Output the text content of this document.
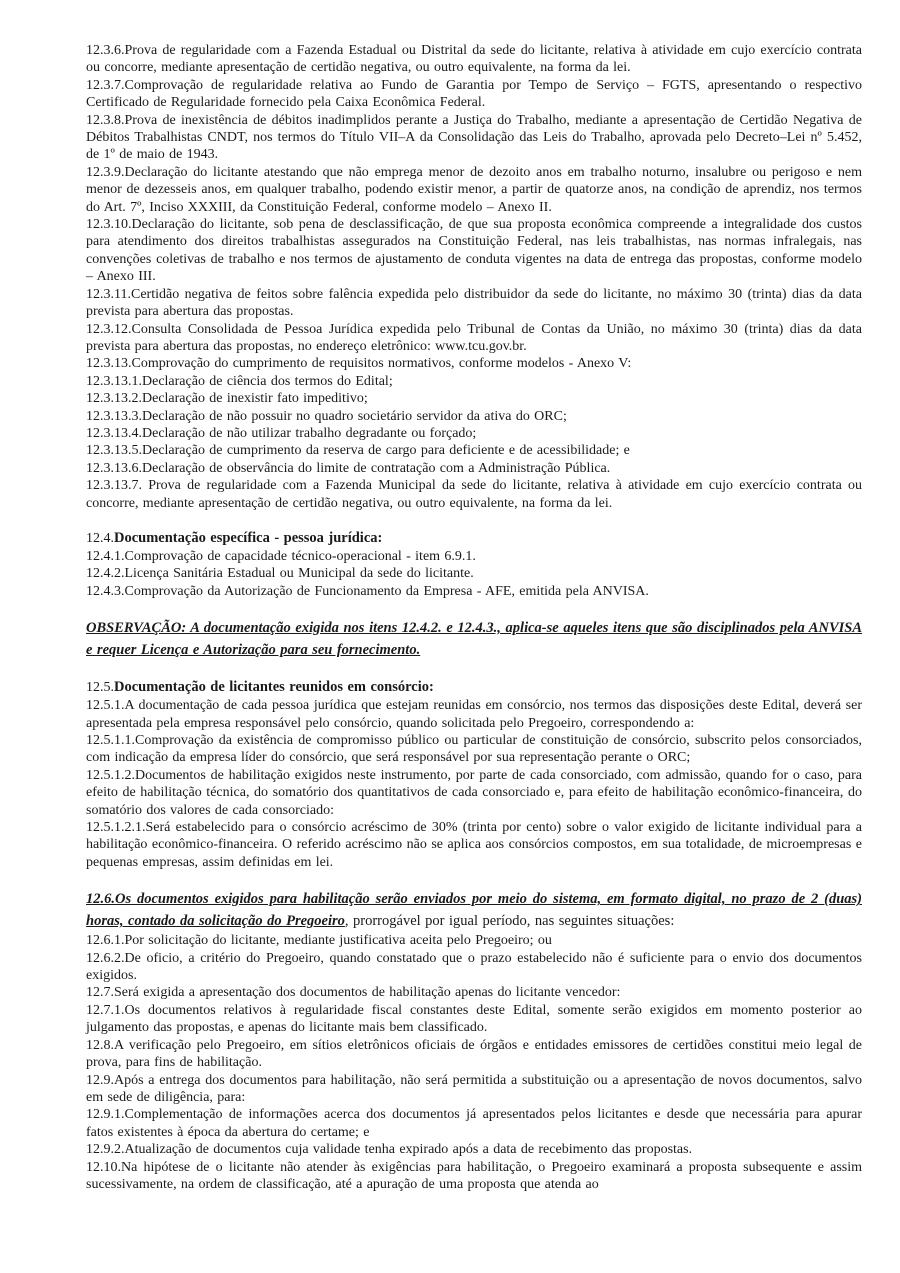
12.3.6.Prova de regularidade com a Fazenda Estadual ou Distrital da sede do licitante, relativa à atividade em cujo exercício contrata ou concorre, mediante apresentação de certidão negativa, ou outro equivalente, na forma da lei.

12.3.7.Comprovação de regularidade relativa ao Fundo de Garantia por Tempo de Serviço – FGTS, apresentando o respectivo Certificado de Regularidade fornecido pela Caixa Econômica Federal.

12.3.8.Prova de inexistência de débitos inadimplidos perante a Justiça do Trabalho, mediante a apresentação de Certidão Negativa de Débitos Trabalhistas CNDT, nos termos do Título VII–A da Consolidação das Leis do Trabalho, aprovada pelo Decreto–Lei nº 5.452, de 1º de maio de 1943.

12.3.9.Declaração do licitante atestando que não emprega menor de dezoito anos em trabalho noturno, insalubre ou perigoso e nem menor de dezesseis anos, em qualquer trabalho, podendo existir menor, a partir de quatorze anos, na condição de aprendiz, nos termos do Art. 7º, Inciso XXXIII, da Constituição Federal, conforme modelo – Anexo II.

12.3.10.Declaração do licitante, sob pena de desclassificação, de que sua proposta econômica compreende a integralidade dos custos para atendimento dos direitos trabalhistas assegurados na Constituição Federal, nas leis trabalhistas, nas normas infralegais, nas convenções coletivas de trabalho e nos termos de ajustamento de conduta vigentes na data de entrega das propostas, conforme modelo – Anexo III.

12.3.11.Certidão negativa de feitos sobre falência expedida pelo distribuidor da sede do licitante, no máximo 30 (trinta) dias da data prevista para abertura das propostas.

12.3.12.Consulta Consolidada de Pessoa Jurídica expedida pelo Tribunal de Contas da União, no máximo 30 (trinta) dias da data prevista para abertura das propostas, no endereço eletrônico: www.tcu.gov.br.

12.3.13.Comprovação do cumprimento de requisitos normativos, conforme modelos - Anexo V:

12.3.13.1.Declaração de ciência dos termos do Edital;

12.3.13.2.Declaração de inexistir fato impeditivo;

12.3.13.3.Declaração de não possuir no quadro societário servidor da ativa do ORC;

12.3.13.4.Declaração de não utilizar trabalho degradante ou forçado;

12.3.13.5.Declaração de cumprimento da reserva de cargo para deficiente e de acessibilidade; e

12.3.13.6.Declaração de observância do limite de contratação com a Administração Pública.

12.3.13.7. Prova de regularidade com a Fazenda Municipal da sede do licitante, relativa à atividade em cujo exercício contrata ou concorre, mediante apresentação de certidão negativa, ou outro equivalente, na forma da lei.

12.4.Documentação específica - pessoa jurídica:

12.4.1.Comprovação de capacidade técnico-operacional - item 6.9.1.

12.4.2.Licença Sanitária Estadual ou Municipal da sede do licitante.

12.4.3.Comprovação da Autorização de Funcionamento da Empresa - AFE, emitida pela ANVISA.

OBSERVAÇÃO: A documentação exigida nos itens 12.4.2. e 12.4.3., aplica-se aqueles itens que são disciplinados pela ANVISA e requer Licença e Autorização para seu fornecimento.

12.5.Documentação de licitantes reunidos em consórcio:

12.5.1.A documentação de cada pessoa jurídica que estejam reunidas em consórcio, nos termos das disposições deste Edital, deverá ser apresentada pela empresa responsável pelo consórcio, quando solicitada pelo Pregoeiro, correspondendo a:

12.5.1.1.Comprovação da existência de compromisso público ou particular de constituição de consórcio, subscrito pelos consorciados, com indicação da empresa líder do consórcio, que será responsável por sua representação perante o ORC;

12.5.1.2.Documentos de habilitação exigidos neste instrumento, por parte de cada consorciado, com admissão, quando for o caso, para efeito de habilitação técnica, do somatório dos quantitativos de cada consorciado e, para efeito de habilitação econômico-financeira, do somatório dos valores de cada consorciado:

12.5.1.2.1.Será estabelecido para o consórcio acréscimo de 30% (trinta por cento) sobre o valor exigido de licitante individual para a habilitação econômico-financeira. O referido acréscimo não se aplica aos consórcios compostos, em sua totalidade, de microempresas e pequenas empresas, assim definidas em lei.

12.6.Os documentos exigidos para habilitação serão enviados por meio do sistema, em formato digital, no prazo de 2 (duas) horas, contado da solicitação do Pregoeiro, prorrogável por igual período, nas seguintes situações:

12.6.1.Por solicitação do licitante, mediante justificativa aceita pelo Pregoeiro; ou

12.6.2.De oficio, a critério do Pregoeiro, quando constatado que o prazo estabelecido não é suficiente para o envio dos documentos exigidos.

12.7.Será exigida a apresentação dos documentos de habilitação apenas do licitante vencedor:

12.7.1.Os documentos relativos à regularidade fiscal constantes deste Edital, somente serão exigidos em momento posterior ao julgamento das propostas, e apenas do licitante mais bem classificado.

12.8.A verificação pelo Pregoeiro, em sítios eletrônicos oficiais de órgãos e entidades emissores de certidões constitui meio legal de prova, para fins de habilitação.

12.9.Após a entrega dos documentos para habilitação, não será permitida a substituição ou a apresentação de novos documentos, salvo em sede de diligência, para:

12.9.1.Complementação de informações acerca dos documentos já apresentados pelos licitantes e desde que necessária para apurar fatos existentes à época da abertura do certame; e

12.9.2.Atualização de documentos cuja validade tenha expirado após a data de recebimento das propostas.

12.10.Na hipótese de o licitante não atender às exigências para habilitação, o Pregoeiro examinará a proposta subsequente e assim sucessivamente, na ordem de classificação, até a apuração de uma proposta que atenda ao
